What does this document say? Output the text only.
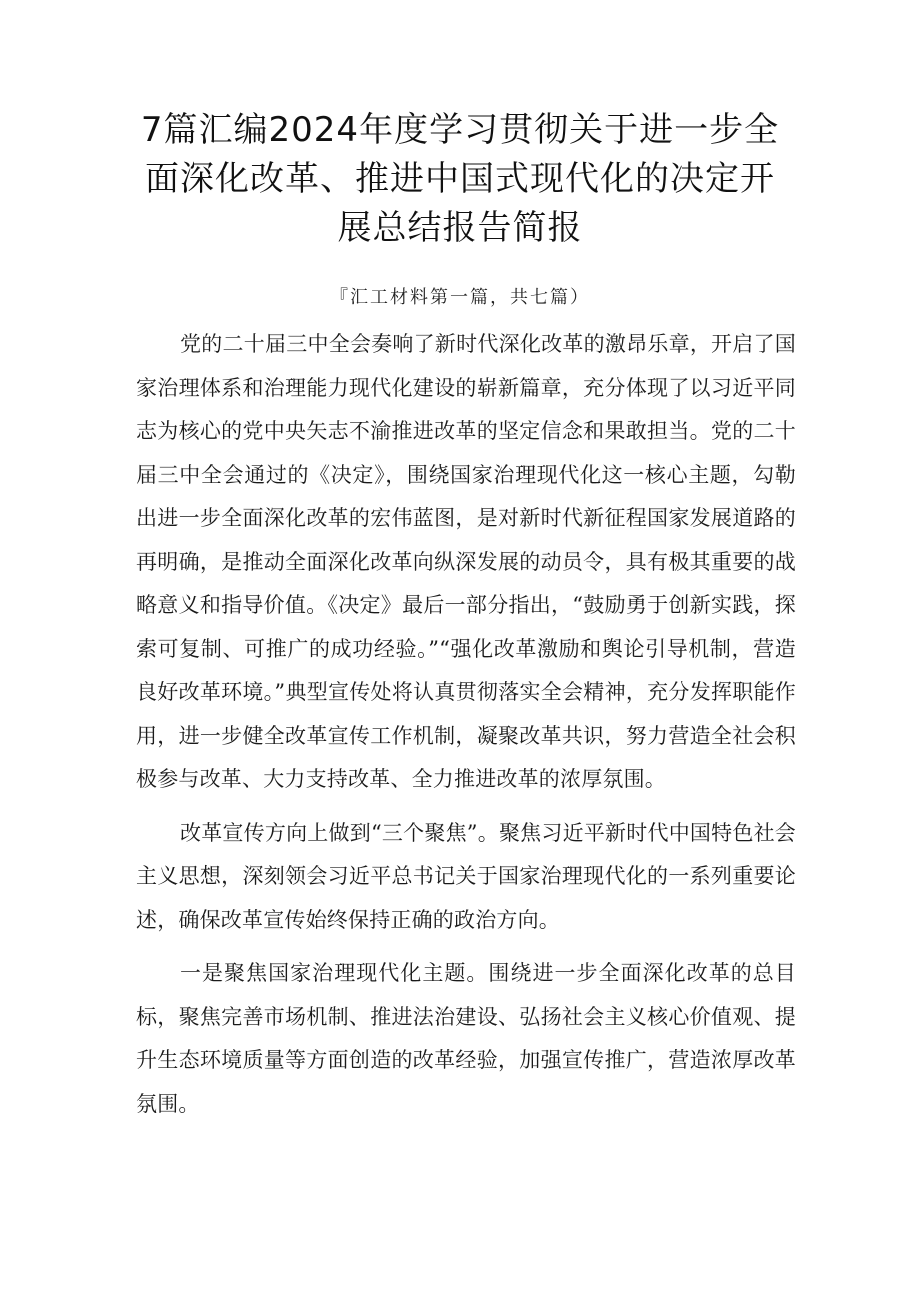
7篇汇编2024年度学习贯彻关于进一步全面深化改革、推进中国式现代化的决定开展总结报告简报
『汇工材料第一篇，共七篇）

党的二十届三中全会奏响了新时代深化改革的激昂乐章，开启了国家治理体系和治理能力现代化建设的崭新篇章，充分体现了以习近平同志为核心的党中央矢志不渝推进改革的坚定信念和果敢担当。党的二十届三中全会通过的《决定》，围绕国家治理现代化这一核心主题，勾勒出进一步全面深化改革的宏伟蓝图，是对新时代新征程国家发展道路的再明确，是推动全面深化改革向纵深发展的动员令，具有极其重要的战略意义和指导价值。《决定》最后一部分指出，“鼓励勇于创新实践，探索可复制、可推广的成功经验。”“强化改革激励和舆论引导机制，营造良好改革环境。”典型宣传处将认真贯彻落实全会精神，充分发挥职能作用，进一步健全改革宣传工作机制，凝聚改革共识，努力营造全社会积极参与改革、大力支持改革、全力推进改革的浓厚氛围。

改革宣传方向上做到“三个聚焦”。聚焦习近平新时代中国特色社会主义思想，深刻领会习近平总书记关于国家治理现代化的一系列重要论述，确保改革宣传始终保持正确的政治方向。

一是聚焦国家治理现代化主题。围绕进一步全面深化改革的总目标，聚焦完善市场机制、推进法治建设、弘扬社会主义核心价值观、提升生态环境质量等方面创造的改革经验，加强宣传推广，营造浓厚改革氛围。
